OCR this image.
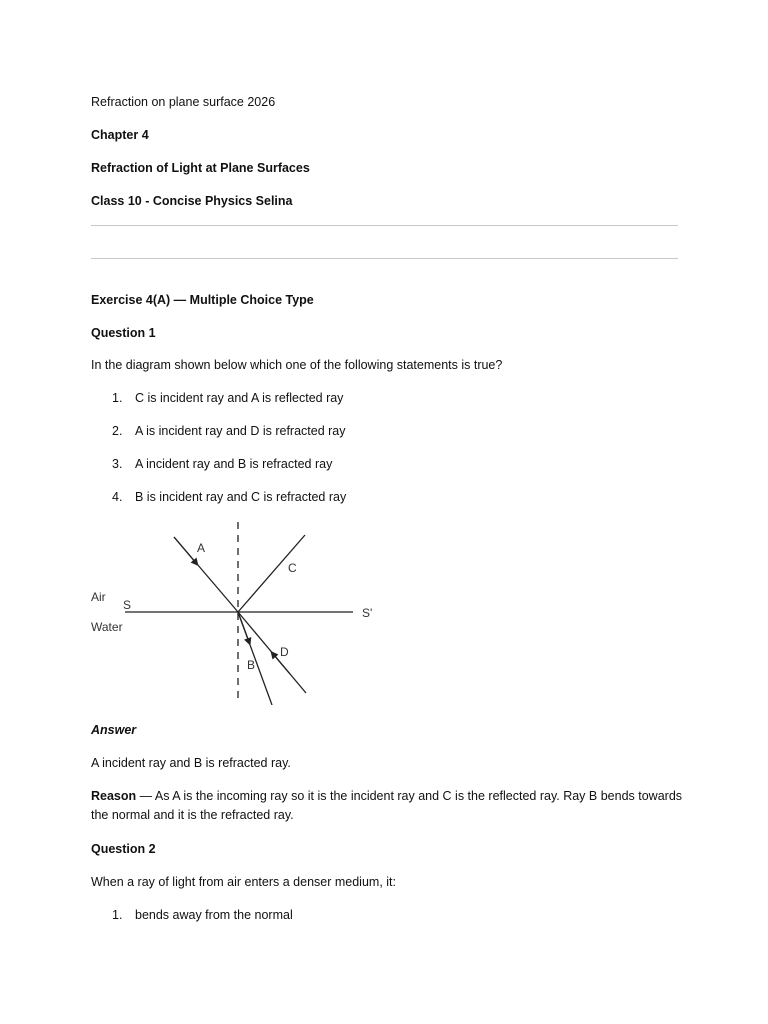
Refraction on plane surface 2026
Chapter 4
Refraction of Light at Plane Surfaces
Class 10 - Concise Physics Selina
Exercise 4(A) — Multiple Choice Type
Question 1
In the diagram shown below which one of the following statements is true?
1. C is incident ray and A is reflected ray
2. A is incident ray and D is refracted ray
3. A incident ray and B is refracted ray
4. B is incident ray and C is refracted ray
Air
Water
S
S'
A
C
B
D
Answer
A incident ray and B is refracted ray.
Reason — As A is the incoming ray so it is the incident ray and C is the reflected ray. Ray B bends towards
the normal and it is the refracted ray.
Question 2
When a ray of light from air enters a denser medium, it:
1. bends away from the normal
